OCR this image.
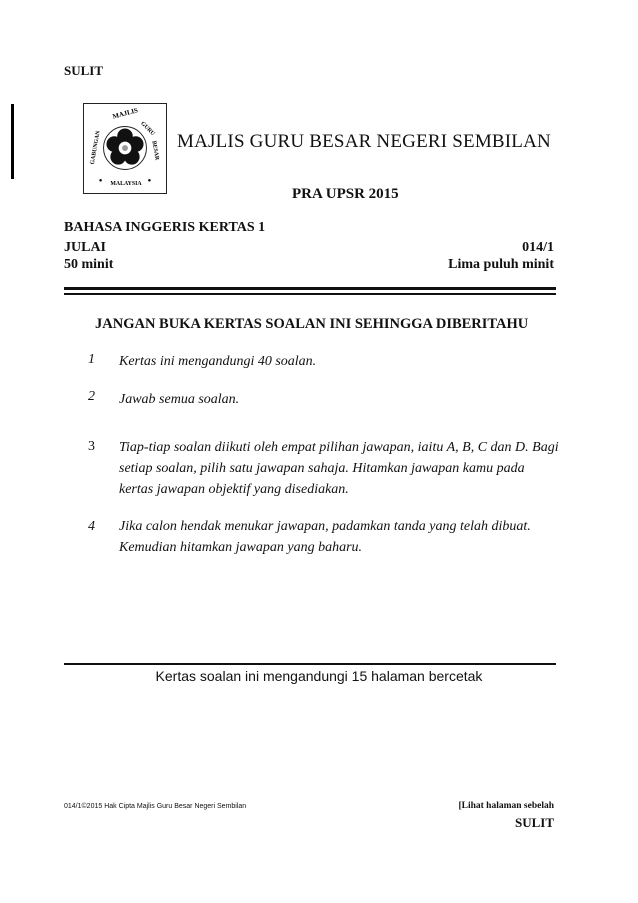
SULIT
MAJLIS
GURU
BESAR
GABUNGAN
MALAYSIA
MAJLIS GURU BESAR NEGERI SEMBILAN
PRA UPSR 2015
BAHASA INGGERIS KERTAS 1
JULAI
50 minit
014/1
Lima puluh minit
JANGAN BUKA KERTAS SOALAN INI SEHINGGA DIBERITAHU
1 Kertas ini mengandungi 40 soalan.
2 Jawab semua soalan.
3 Tiap-tiap soalan diikuti oleh empat pilihan jawapan, iaitu A, B, C dan D. Bagi setiap soalan, pilih satu jawapan sahaja. Hitamkan jawapan kamu pada kertas jawapan objektif yang disediakan.
4 Jika calon hendak menukar jawapan, padamkan tanda yang telah dibuat. Kemudian hitamkan jawapan yang baharu.
Kertas soalan ini mengandungi 15 halaman bercetak
014/1©2015 Hak Cipta Majlis Guru Besar Negeri Sembilan	[Lihat halaman sebelah
SULIT
